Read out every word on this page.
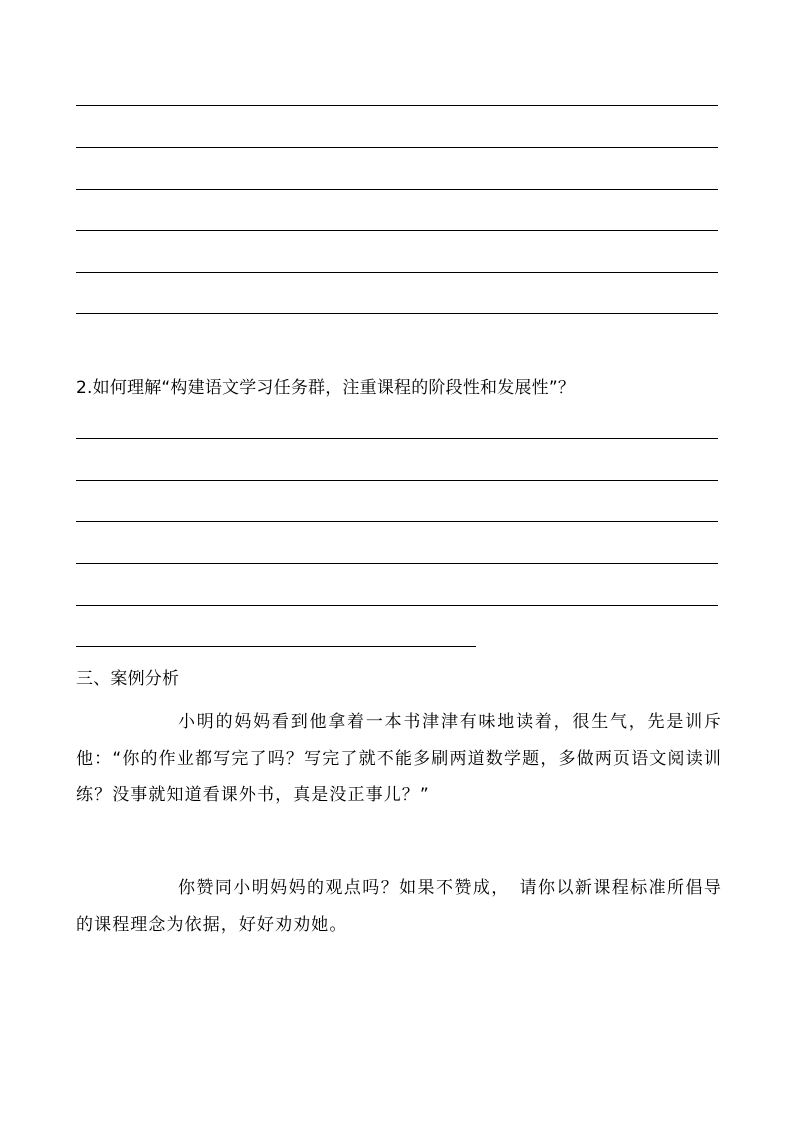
2.如何理解“构建语文学习任务群，注重课程的阶段性和发展性”？
三、案例分析
小明的妈妈看到他拿着一本书津津有味地读着，很生气，先是训斥他：“你的作业都写完了吗？写完了就不能多刷两道数学题，多做两页语文阅读训练？没事就知道看课外书，真是没正事儿？”
你赞同小明妈妈的观点吗？如果不赞成，　请你以新课程标准所倡导的课程理念为依据，好好劝劝她。
